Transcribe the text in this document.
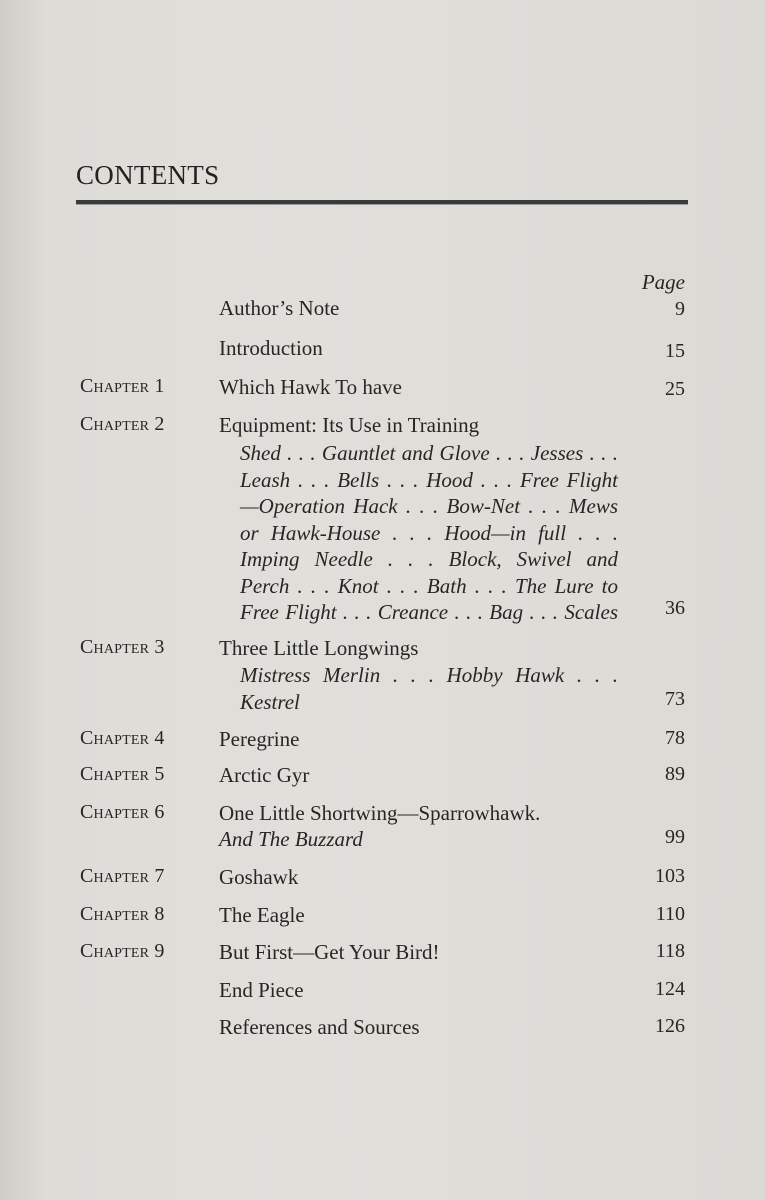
CONTENTS
Page
Author’s Note	9
Introduction	15
Chapter 1	Which Hawk To have	25
Chapter 2	Equipment: Its Use in Training
Shed . . . Gauntlet and Glove . . . Jesses . . .
Leash . . . Bells . . . Hood . . . Free Flight
—Operation Hack . . . Bow-Net . . . Mews
or Hawk-House . . . Hood—in full . . .
Imping Needle . . . Block, Swivel and
Perch . . . Knot . . . Bath . . . The Lure to
Free Flight . . . Creance . . . Bag . . . Scales 36
Chapter 3	Three Little Longwings
Mistress Merlin . . . Hobby Hawk . . .
Kestrel	73
Chapter 4	Peregrine	78
Chapter 5	Arctic Gyr	89
Chapter 6	One Little Shortwing—Sparrowhawk.
And The Buzzard	99
Chapter 7	Goshawk	103
Chapter 8	The Eagle	110
Chapter 9	But First—Get Your Bird!	118
End Piece	124
References and Sources	126
